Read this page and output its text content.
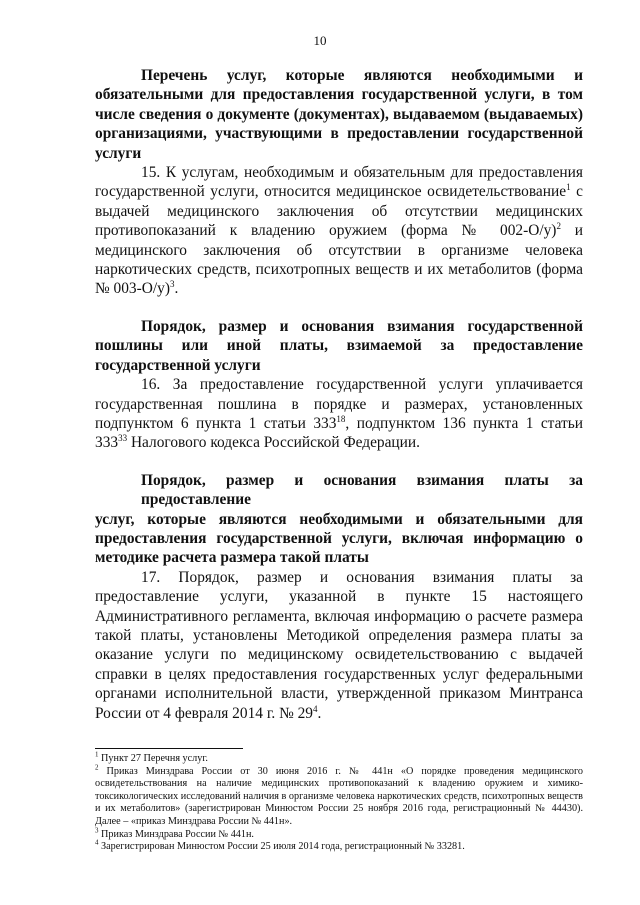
10
Перечень услуг, которые являются необходимыми и
обязательными для предоставления государственной услуги, в том
числе сведения о документе (документах), выдаваемом (выдаваемых)
организациями, участвующими в предоставлении государственной
услуги

15. К услугам, необходимым и обязательным для предоставления государственной услуги, относится медицинское освидетельствование$^1$ с выдачей медицинского заключения об отсутствии медицинских противопоказаний к владению оружием (форма № 002-О/у)$^2$ и медицинского заключения об отсутствии в организме человека наркотических средств, психотропных веществ и их метаболитов (форма № 003-О/у)$^3$.

Порядок, размер и основания взимания государственной
пошлины или иной платы, взимаемой за предоставление
государственной услуги

16. За предоставление государственной услуги уплачивается государственная пошлина в порядке и размерах, установленных подпунктом 6 пункта 1 статьи $333^{18}$, подпунктом 136 пункта 1 статьи $333^{33}$ Налогового кодекса Российской Федерации.

Порядок, размер и основания взимания платы за предоставление
услуг, которые являются необходимыми и обязательными для
предоставления государственной услуги, включая информацию о
методике расчета размера такой платы

17. Порядок, размер и основания взимания платы за предоставление услуги, указанной в пункте 15 настоящего Административного регламента, включая информацию о расчете размера такой платы, установлены Методикой определения размера платы за оказание услуги по медицинскому освидетельствованию с выдачей справки в целях предоставления государственных услуг федеральными органами исполнительной власти, утвержденной приказом Минтранса России от 4 февраля 2014 г. № $29^4$.

$^1$ Пункт 27 Перечня услуг.

$^2$ Приказ Минздрава России от 30 июня 2016 г. № 441н «О порядке проведения медицинского освидетельствования на наличие медицинских противопоказаний к владению оружием и химико-токсикологических исследований наличия в организме человека наркотических средств, психотропных веществ и их метаболитов» (зарегистрирован Минюстом России 25 ноября 2016 года, регистрационный № 44430). Далее – «приказ Минздрава России № 441н».

$^3$ Приказ Минздрава России № 441н.

$^4$ Зарегистрирован Минюстом России 25 июля 2014 года, регистрационный № 33281.
